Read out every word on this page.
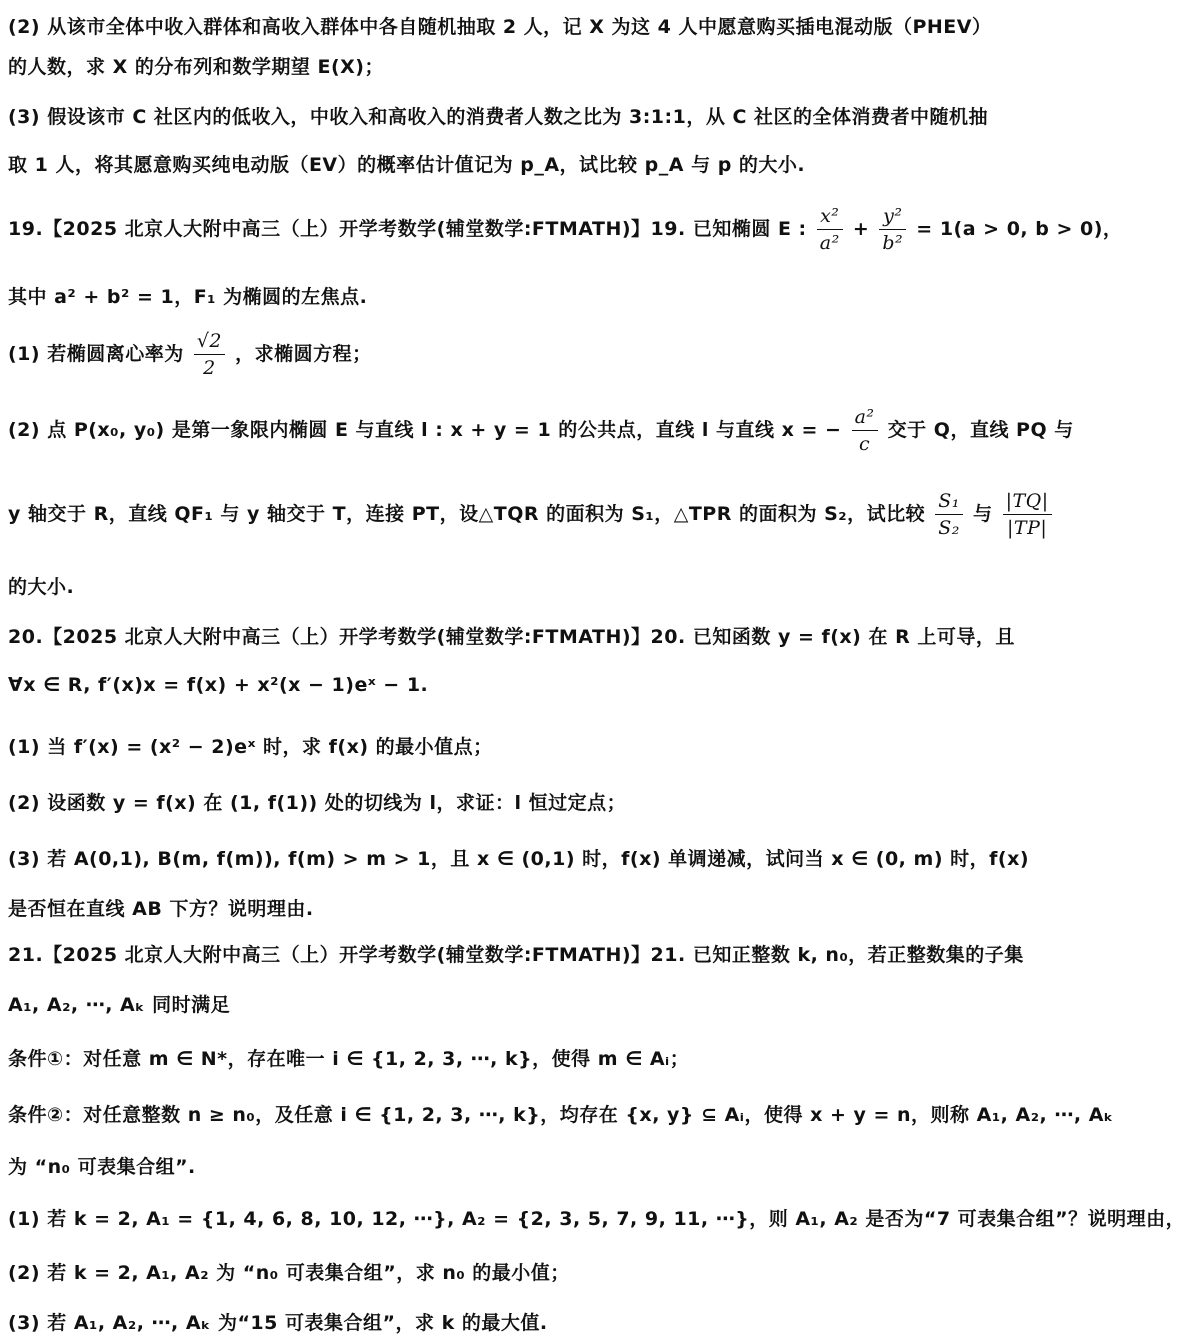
(2) 从该市全体中收入群体和高收入群体中各自随机抽取 2 人，记 X 为这 4 人中愿意购买插电混动版（PHEV）
的人数，求 X 的分布列和数学期望 E(X)；
(3) 假设该市 C 社区内的低收入，中收入和高收入的消费者人数之比为 3:1:1，从 C 社区的全体消费者中随机抽
取 1 人，将其愿意购买纯电动版（EV）的概率估计值记为 p_A，试比较 p_A 与 p 的大小.
19.【2025 北京人大附中高三（上）开学考数学(辅堂数学:FTMATH)】19. 已知椭圆 E : $\frac{\text{x²}}{\text{a²}} + \frac{\text{y²}}{\text{b²}} = 1(a > 0$, b > 0)，
其中 a² + b² = 1，F₁ 为椭圆的左焦点.
(1) 若椭圆离心率为 $\frac{√2}{2}$ ，求椭圆方程；
(2) 点 P(x₀, y₀) 是第一象限内椭圆 E 与直线 l : x + y = 1 的公共点，直线 l 与直线 x = − $\frac{\text{a²}}{c}$ 交于 Q，直线 PQ 与
y 轴交于 R，直线 QF₁ 与 y 轴交于 T，连接 PT，设△TQR 的面积为 S₁，△TPR 的面积为 S₂，试比较 $\frac{\text{S₁}}{\text{S₂}}$ 与 $\frac{|TQ|}{|TP|}$
的大小.
20.【2025 北京人大附中高三（上）开学考数学(辅堂数学:FTMATH)】20. 已知函数 y = f(x) 在 R 上可导，且
∀x ∈ R, f′(x)x = f(x) + x²(x − 1)eˣ − 1.
(1) 当 f′(x) = (x² − 2)eˣ 时，求 f(x) 的最小值点；
(2) 设函数 y = f(x) 在 (1, f(1)) 处的切线为 l，求证：l 恒过定点；
(3) 若 A(0,1), B(m, f(m)), f(m) > m > 1，且 x ∈ (0,1) 时，f(x) 单调递减，试问当 x ∈ (0, m) 时，f(x)
是否恒在直线 AB 下方？说明理由.
21.【2025 北京人大附中高三（上）开学考数学(辅堂数学:FTMATH)】21. 已知正整数 k, n₀，若正整数集的子集
A₁, A₂, ⋯, Aₖ 同时满足
条件①：对任意 m ∈ N*，存在唯一 i ∈ {1, 2, 3, ⋯, k}，使得 m ∈ Aᵢ；
条件②：对任意整数 n ≥ n₀，及任意 i ∈ {1, 2, 3, ⋯, k}，均存在 {x, y} ⊆ Aᵢ，使得 x + y = n，则称 A₁, A₂, ⋯, Aₖ
为 “n₀ 可表集合组”.
(1) 若 k = 2, A₁ = {1, 4, 6, 8, 10, 12, ⋯}, A₂ = {2, 3, 5, 7, 9, 11, ⋯}，则 A₁, A₂ 是否为“7 可表集合组”？说明理由，
(2) 若 k = 2, A₁, A₂ 为 “n₀ 可表集合组”，求 n₀ 的最小值；
(3) 若 A₁, A₂, ⋯, Aₖ 为“15 可表集合组”，求 k 的最大值.
